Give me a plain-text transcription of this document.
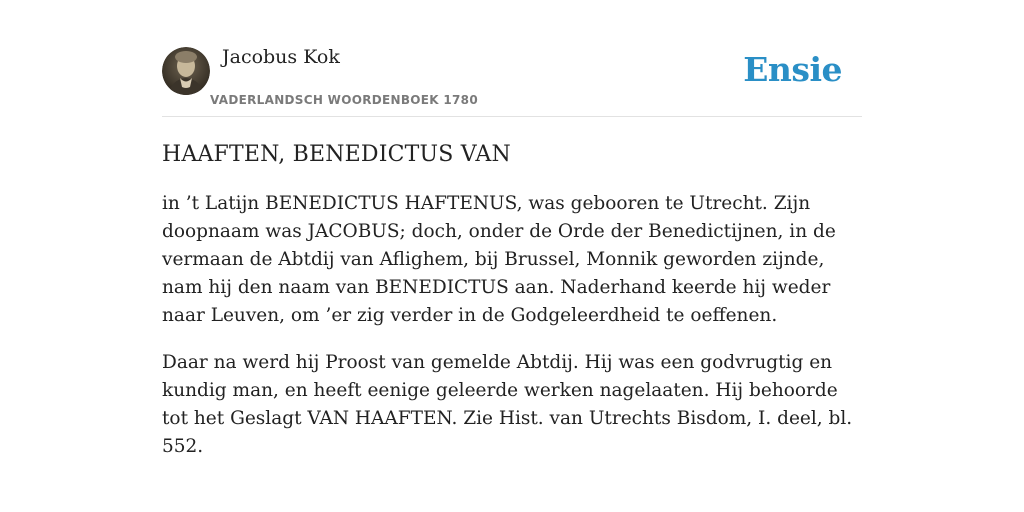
Jacobus Kok
VADERLANDSCH WOORDENBOEK 1780
Ensie
HAAFTEN, BENEDICTUS VAN

in ’t Latijn BENEDICTUS HAFTENUS, was gebooren te Utrecht. Zijn doopnaam was JACOBUS; doch, onder de Orde der Benedictijnen, in de vermaan de Abtdij van Aflighem, bij Brussel, Monnik geworden zijnde, nam hij den naam van BENEDICTUS aan. Naderhand keerde hij weder naar Leuven, om ’er zig verder in de Godgeleerdheid te oeffenen.

Daar na werd hij Proost van gemelde Abtdij. Hij was een godvrugtig en kundig man, en heeft eenige geleerde werken nagelaaten. Hij behoorde tot het Geslagt VAN HAAFTEN. Zie Hist. van Utrechts Bisdom, I. deel, bl. 552.
